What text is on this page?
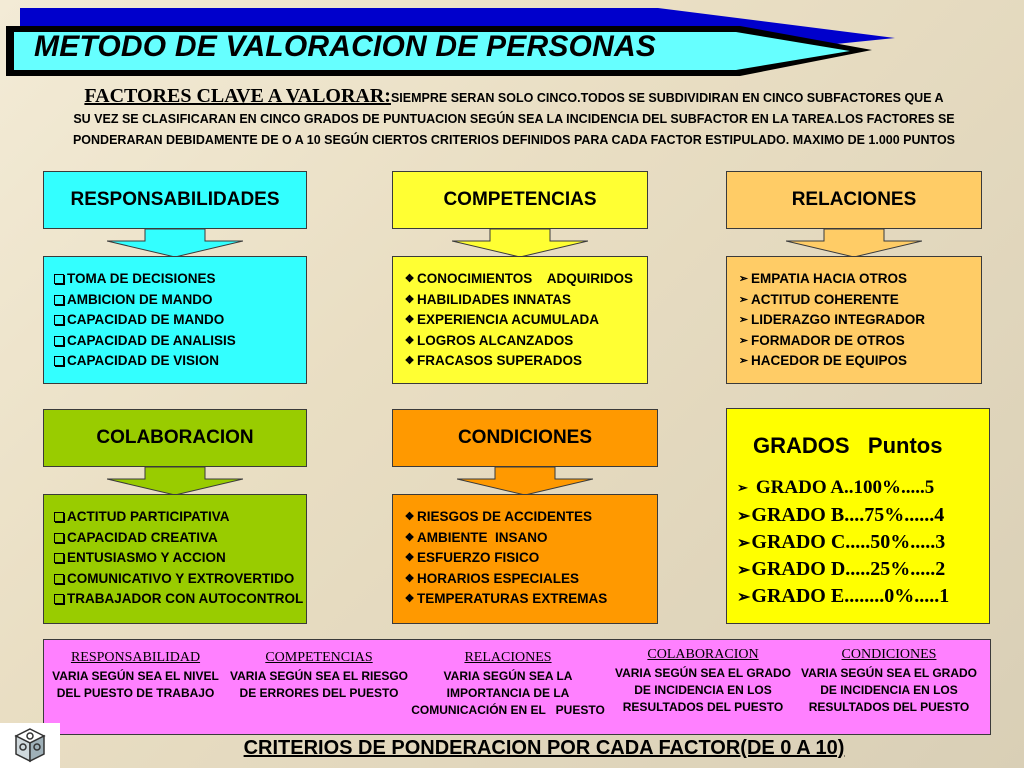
METODO DE VALORACION DE PERSONAS
FACTORES CLAVE A VALORAR:SIEMPRE SERAN SOLO CINCO.TODOS SE SUBDIVIDIRAN EN CINCO SUBFACTORES QUE A
SU VEZ SE CLASIFICARAN EN CINCO GRADOS DE PUNTUACION SEGÚN SEA LA INCIDENCIA DEL SUBFACTOR EN LA TAREA.LOS FACTORES SE
PONDERARAN DEBIDAMENTE DE O A 10 SEGÚN CIERTOS CRITERIOS DEFINIDOS PARA CADA FACTOR ESTIPULADO. MAXIMO DE 1.000 PUNTOS
RESPONSABILIDADES
TOMA DE DECISIONES
AMBICION DE MANDO
CAPACIDAD DE MANDO
CAPACIDAD DE ANALISIS
CAPACIDAD DE VISION
COMPETENCIAS
❖ CONOCIMIENTOS    ADQUIRIDOS
❖ HABILIDADES INNATAS
❖ EXPERIENCIA ACUMULADA
❖ LOGROS ALCANZADOS
❖ FRACASOS SUPERADOS
RELACIONES
➢ EMPATIA HACIA OTROS
➢ ACTITUD COHERENTE
➢ LIDERAZGO INTEGRADOR
➢ FORMADOR DE OTROS
➢ HACEDOR DE EQUIPOS
COLABORACION
ACTITUD PARTICIPATIVA
CAPACIDAD CREATIVA
ENTUSIASMO Y ACCION
COMUNICATIVO Y EXTROVERTIDO
TRABAJADOR CON AUTOCONTROL
CONDICIONES
❖ RIESGOS DE ACCIDENTES
❖ AMBIENTE  INSANO
❖ ESFUERZO FISICO
❖ HORARIOS ESPECIALES
❖ TEMPERATURAS EXTREMAS
GRADOS   Puntos
➢ GRADO A..100%.....5
➢ GRADO B....75%......4
➢ GRADO C.....50%.....3
➢ GRADO D.....25%.....2
➢ GRADO E........0%.....1
RESPONSABILIDAD
VARIA SEGÚN SEA EL NIVEL
DEL PUESTO DE TRABAJO
COMPETENCIAS
VARIA SEGÚN SEA EL RIESGO
DE ERRORES DEL PUESTO
RELACIONES
VARIA SEGÚN SEA LA
IMPORTANCIA DE LA
COMUNICACIÓN EN EL   PUESTO
COLABORACION
VARIA SEGÚN SEA EL GRADO
DE INCIDENCIA EN LOS
RESULTADOS DEL PUESTO
CONDICIONES
VARIA SEGÚN SEA EL GRADO
DE INCIDENCIA EN LOS
RESULTADOS DEL PUESTO
CRITERIOS DE PONDERACION POR CADA FACTOR(DE 0 A 10)
